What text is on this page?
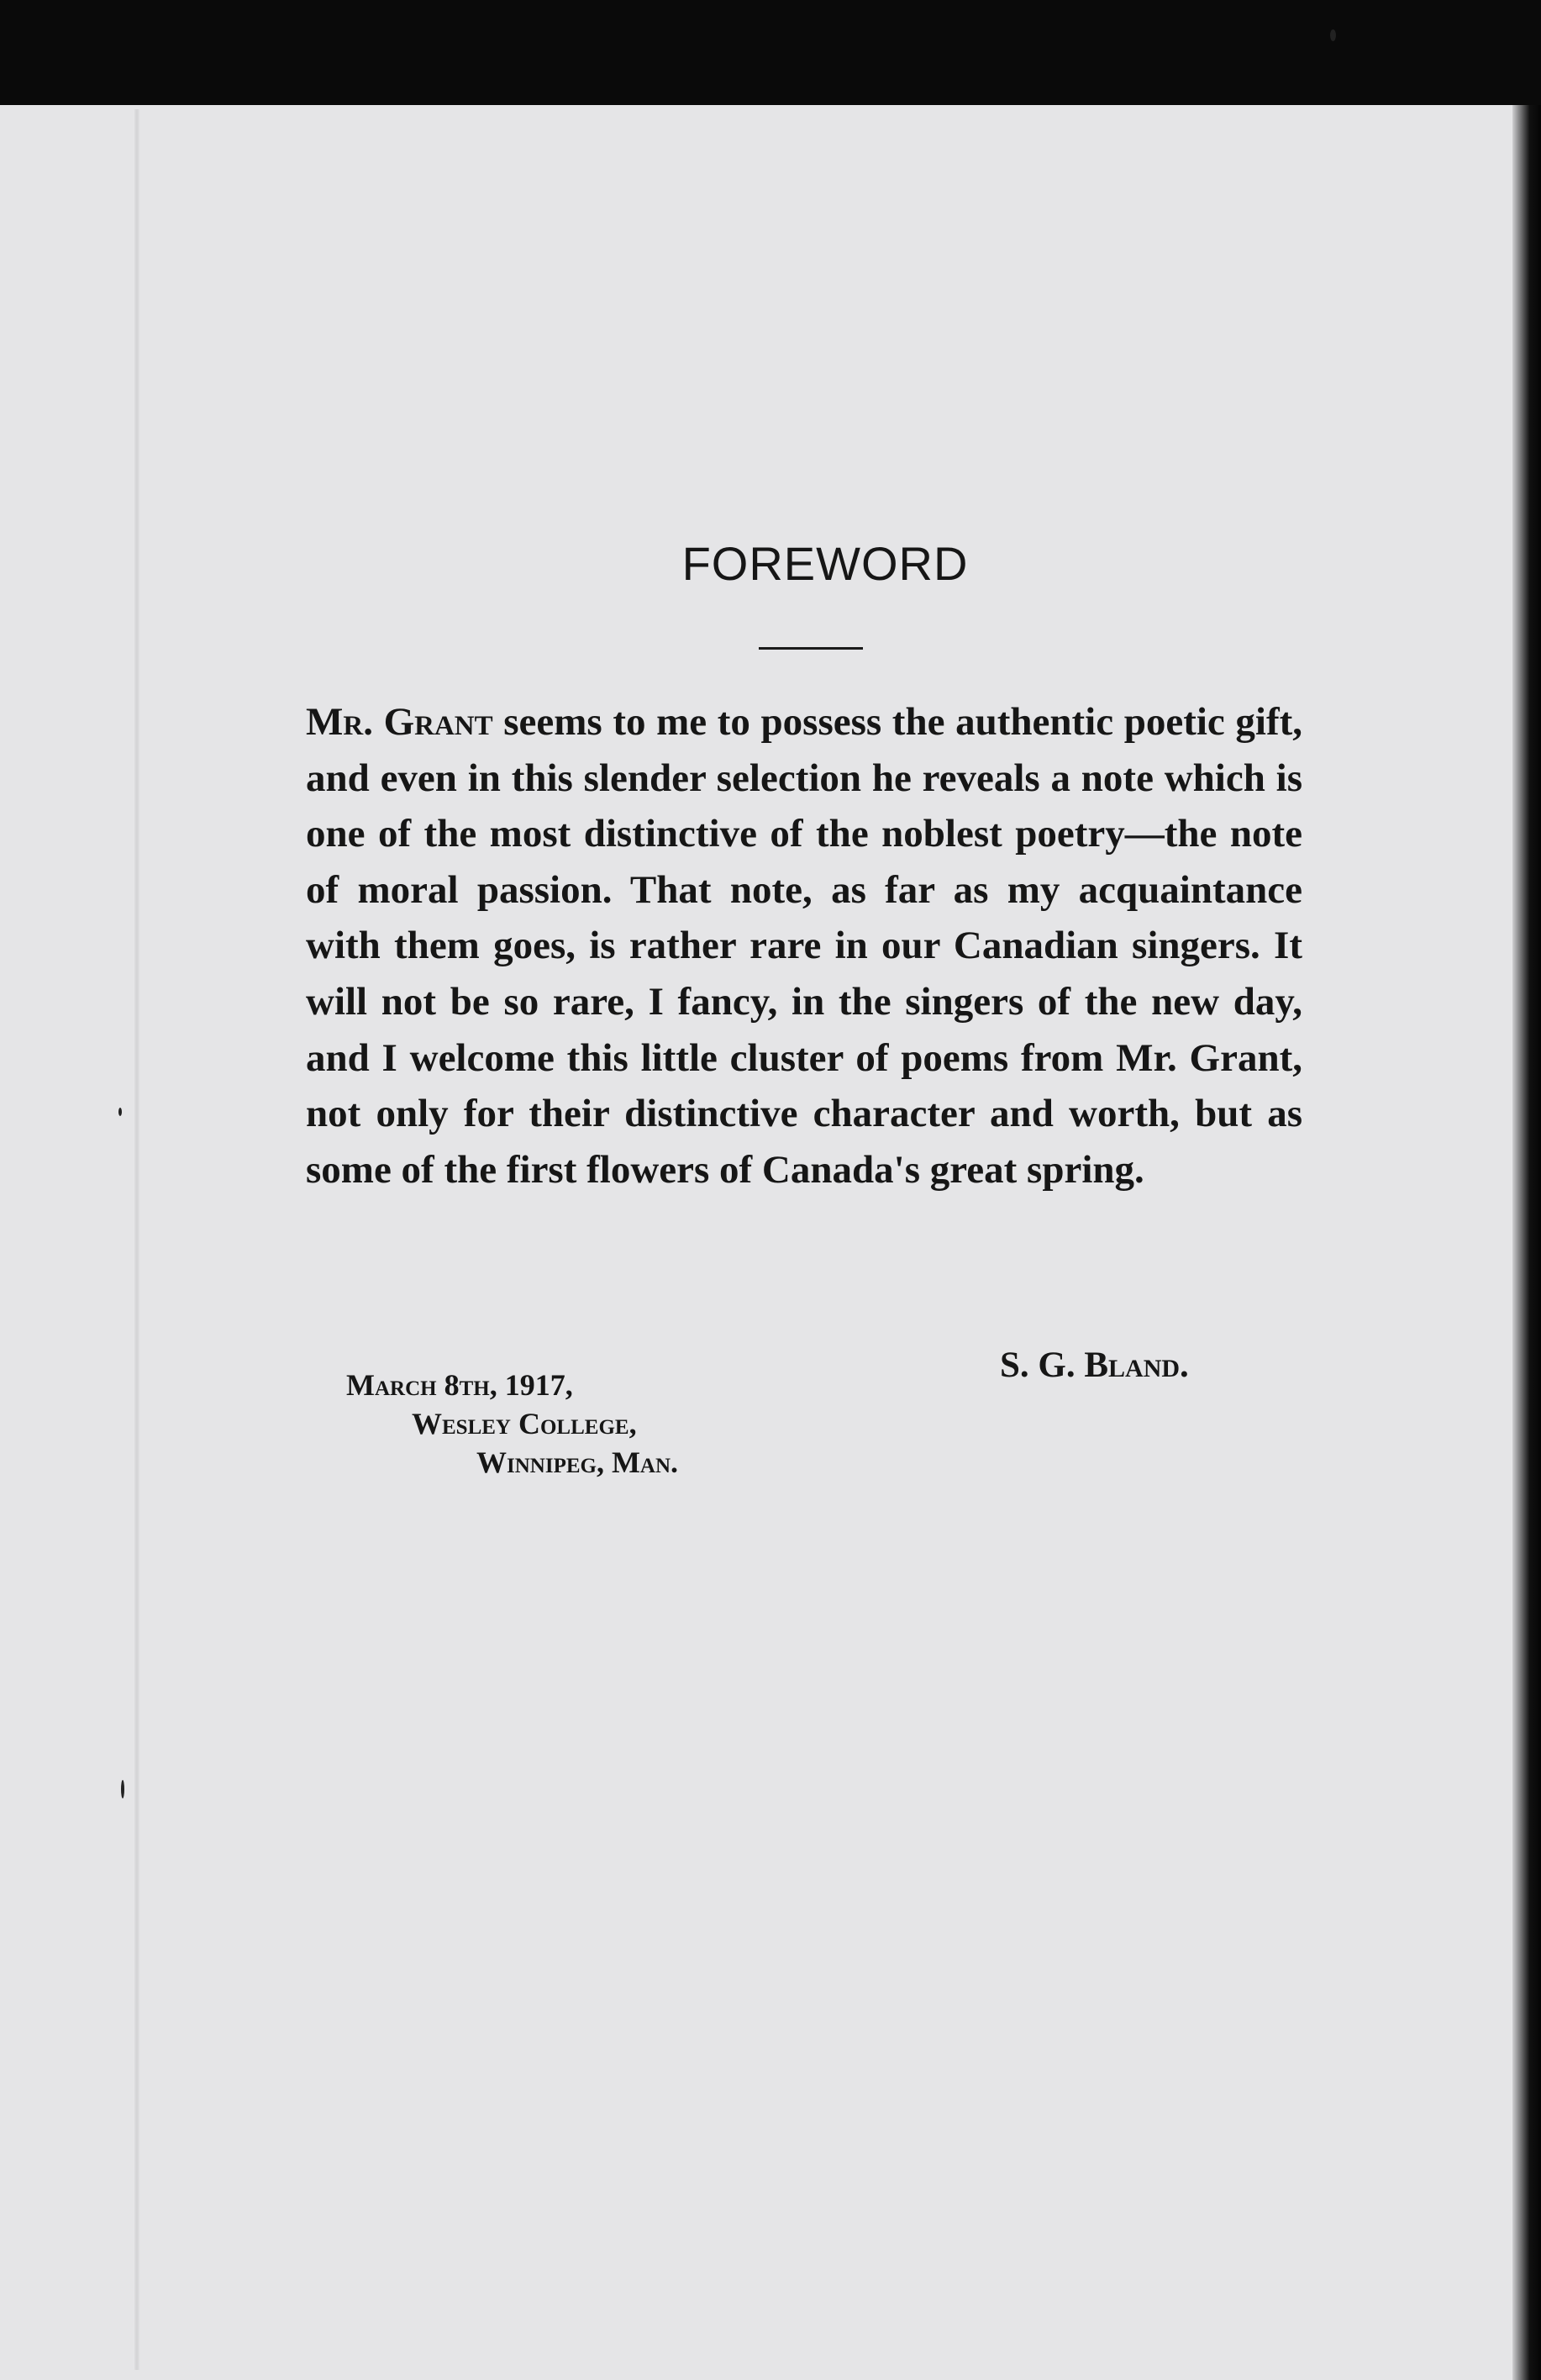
FOREWORD

Mr. Grant seems to me to possess the authentic poetic gift, and even in this slender selection he reveals a note which is one of the most distinctive of the noblest poetry—the note of moral passion. That note, as far as my acquaintance with them goes, is rather rare in our Canadian singers. It will not be so rare, I fancy, in the singers of the new day, and I welcome this little cluster of poems from Mr. Grant, not only for their distinctive character and worth, but as some of the first flowers of Canada's great spring.

S. G. Bland.
March 8th, 1917,
Wesley College,
Winnipeg, Man.
